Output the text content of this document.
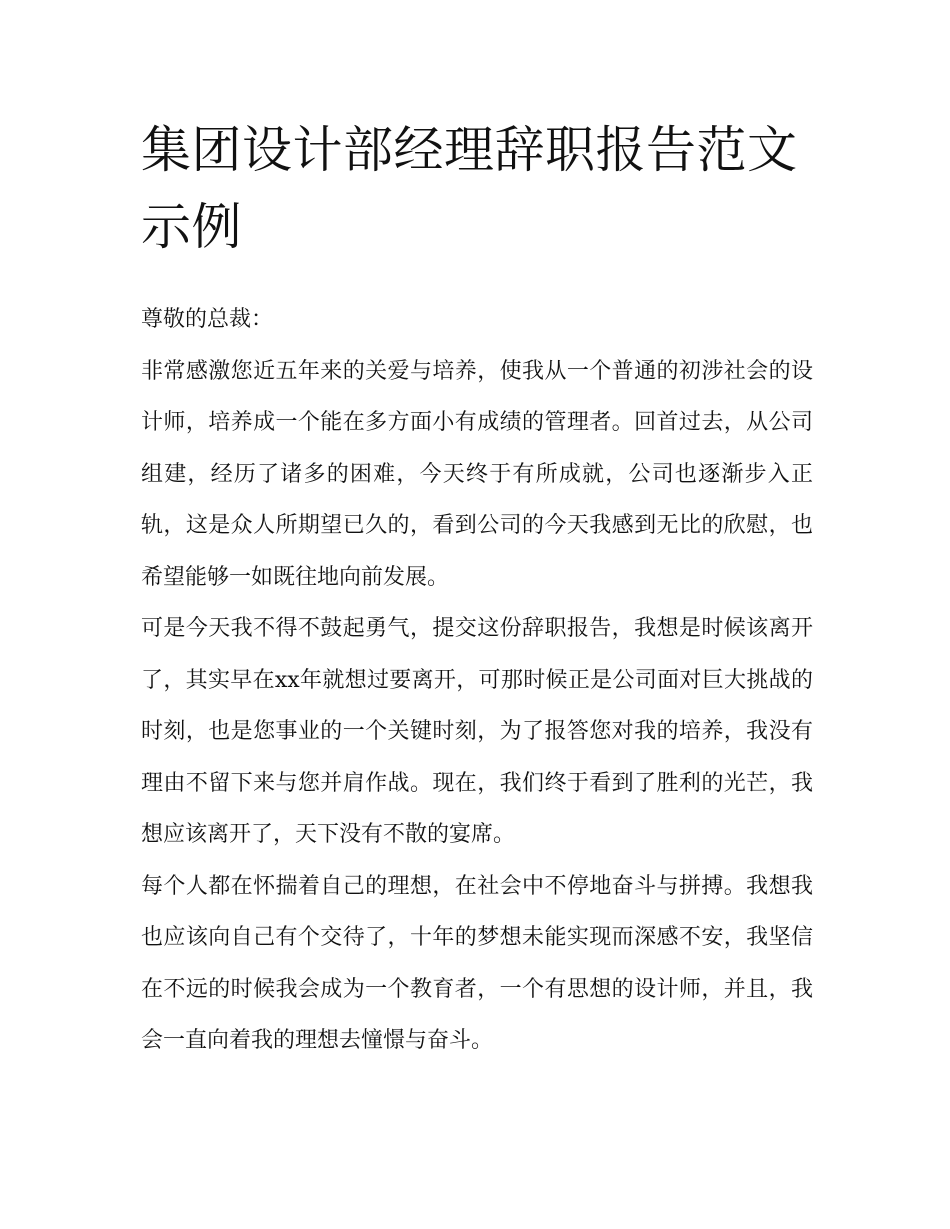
集团设计部经理辞职报告范文示例

尊敬的总裁：

非常感激您近五年来的关爱与培养，使我从一个普通的初涉社会的设计师，培养成一个能在多方面小有成绩的管理者。回首过去，从公司组建，经历了诸多的困难，今天终于有所成就，公司也逐渐步入正轨，这是众人所期望已久的，看到公司的今天我感到无比的欣慰，也希望能够一如既往地向前发展。

可是今天我不得不鼓起勇气，提交这份辞职报告，我想是时候该离开了，其实早在xx年就想过要离开，可那时候正是公司面对巨大挑战的时刻，也是您事业的一个关键时刻，为了报答您对我的培养，我没有理由不留下来与您并肩作战。现在，我们终于看到了胜利的光芒，我想应该离开了，天下没有不散的宴席。

每个人都在怀揣着自己的理想，在社会中不停地奋斗与拼搏。我想我也应该向自己有个交待了，十年的梦想未能实现而深感不安，我坚信在不远的时候我会成为一个教育者，一个有思想的设计师，并且，我会一直向着我的理想去憧憬与奋斗。
